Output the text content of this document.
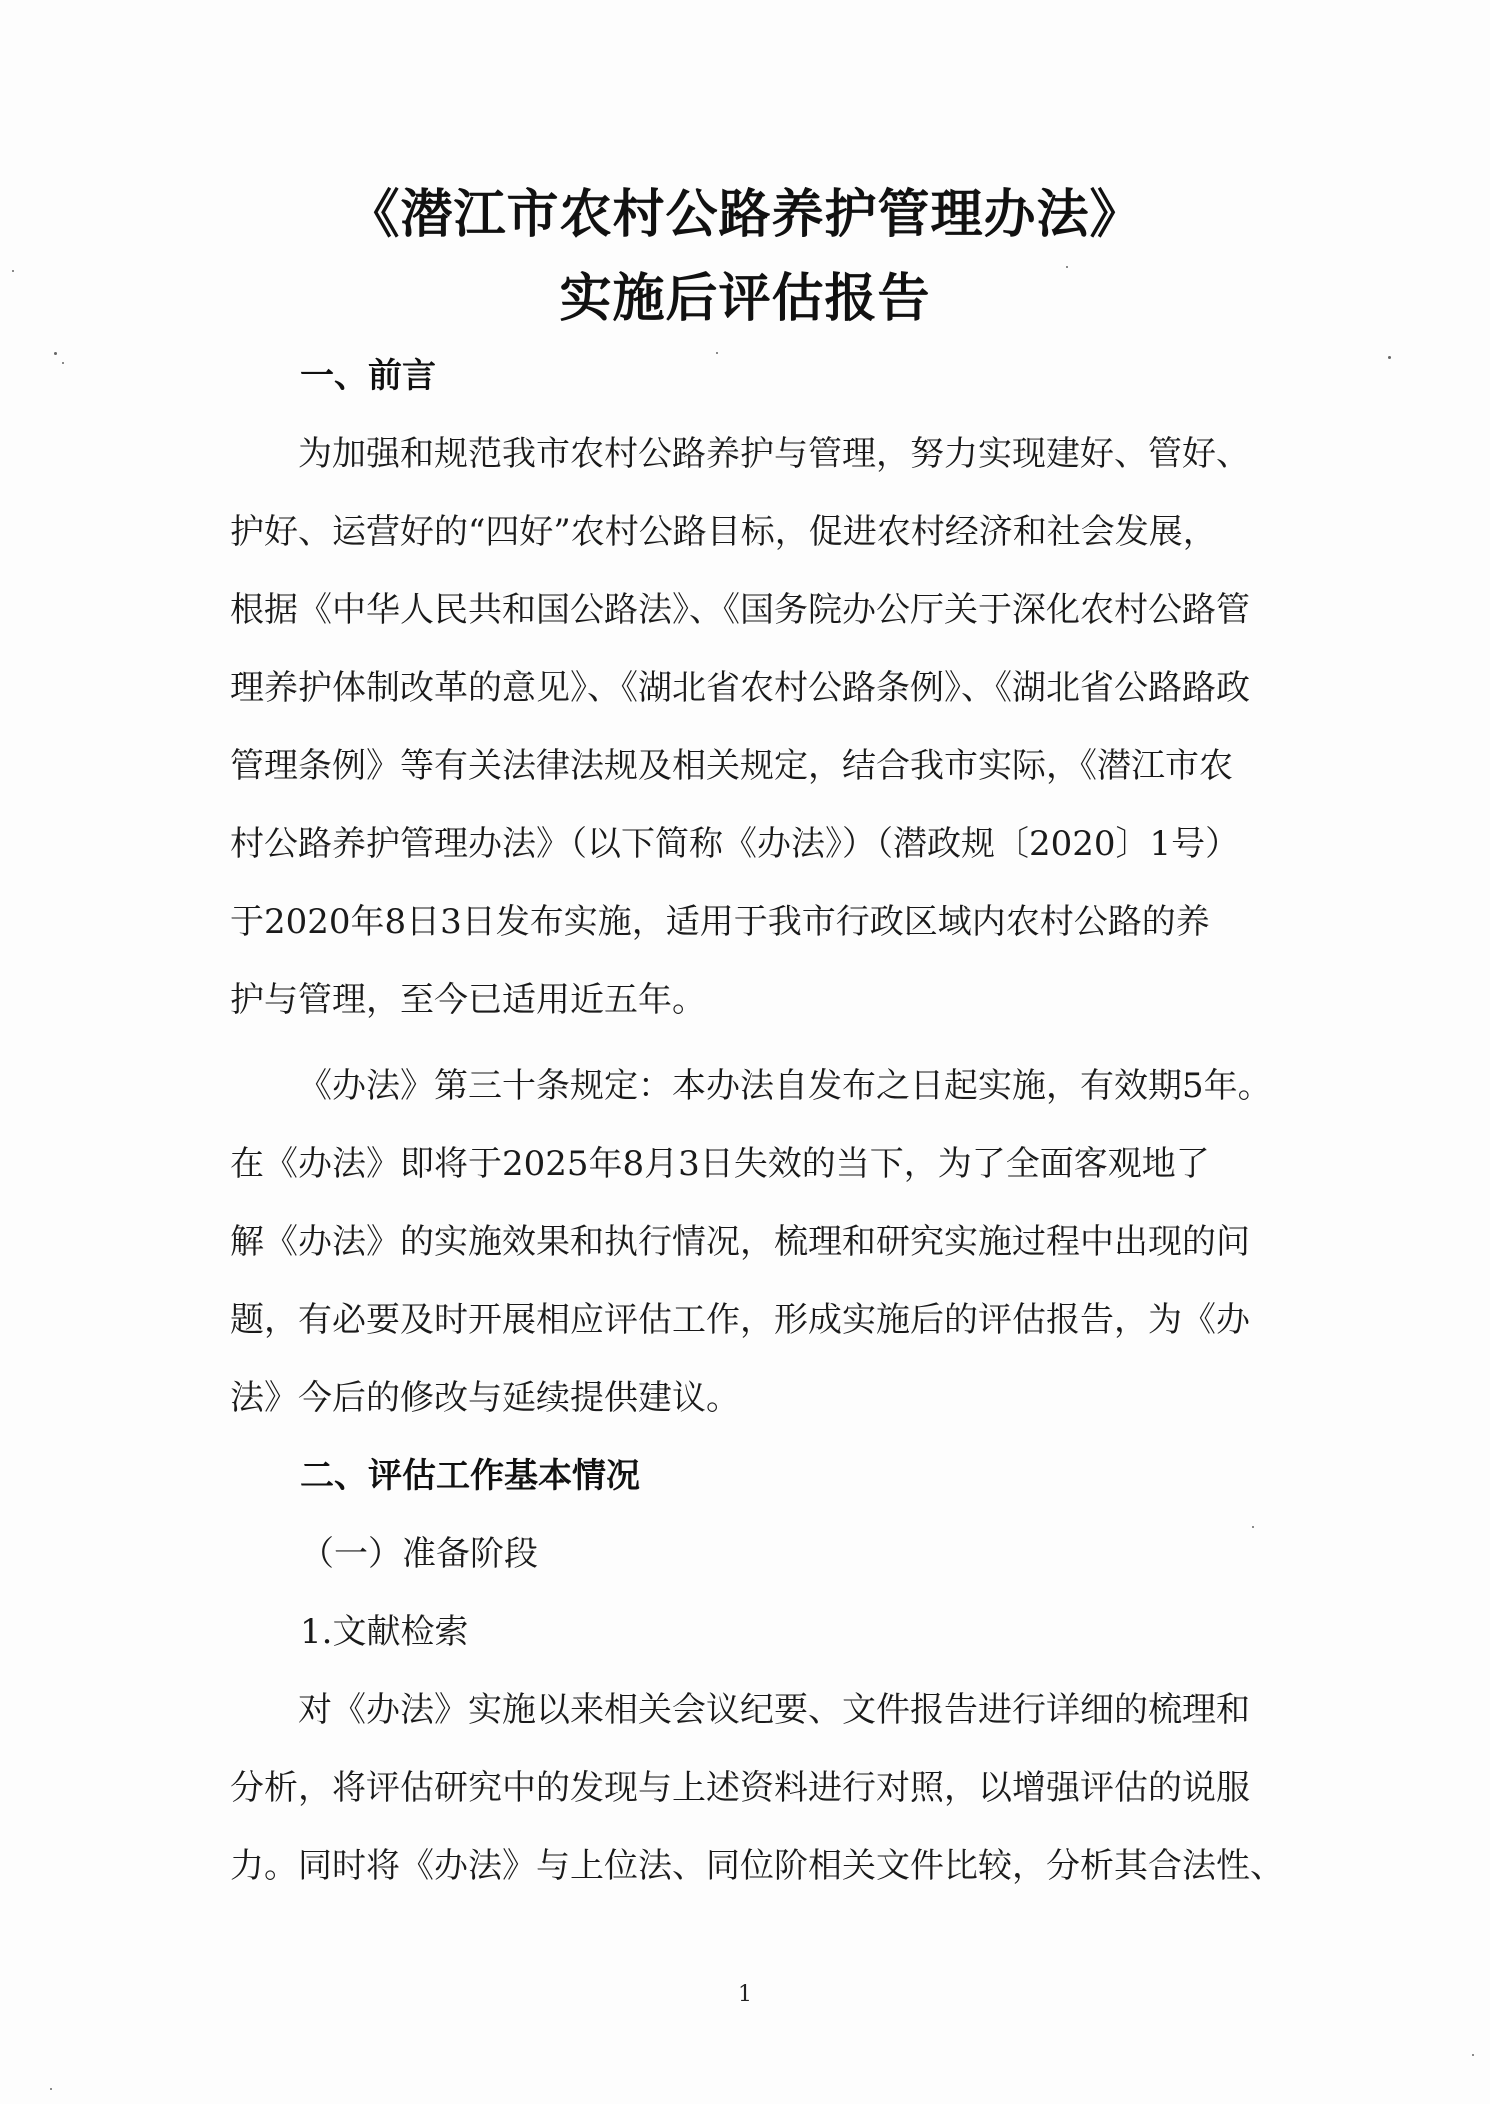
《潜江市农村公路养护管理办法》
实施后评估报告
一、前言
为加强和规范我市农村公路养护与管理，努力实现建好、管好、
护好、运营好的“四好”农村公路目标，促进农村经济和社会发展，
根据《中华人民共和国公路法》、《国务院办公厅关于深化农村公路管
理养护体制改革的意见》、《湖北省农村公路条例》、《湖北省公路路政
管理条例》等有关法律法规及相关规定，结合我市实际，《潜江市农
村公路养护管理办法》（以下简称《办法》）（潜政规〔2020〕1号）
于2020年8日3日发布实施，适用于我市行政区域内农村公路的养
护与管理，至今已适用近五年。
《办法》第三十条规定：本办法自发布之日起实施，有效期5年。
在《办法》即将于2025年8月3日失效的当下，为了全面客观地了
解《办法》的实施效果和执行情况，梳理和研究实施过程中出现的问
题，有必要及时开展相应评估工作，形成实施后的评估报告，为《办
法》今后的修改与延续提供建议。
二、评估工作基本情况
（一）准备阶段
1.文献检索
对《办法》实施以来相关会议纪要、文件报告进行详细的梳理和
分析，将评估研究中的发现与上述资料进行对照，以增强评估的说服
力。同时将《办法》与上位法、同位阶相关文件比较，分析其合法性、
1
